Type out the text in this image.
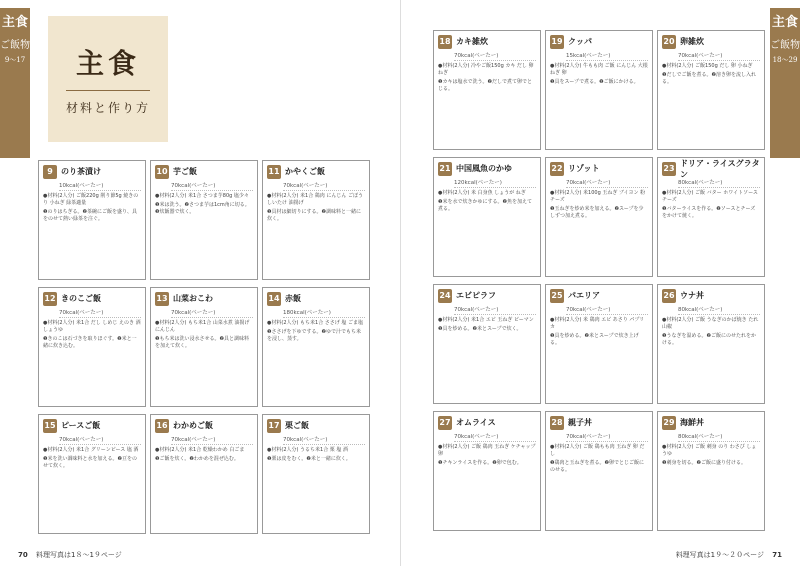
主食
ご飯物
9〜17	主食
材料と作り方
9	のり茶漬け
10kcal(ベーたー)
●材料(2人分) ご飯220g 削り節5g 焼きのり 小ねぎ 緑茶適量
❶のりはちぎる。❷茶碗にご飯を盛り、具をのせて熱い緑茶を注ぐ。
10 芋ご飯
70kcal(ベーたー)
●材料(2人分) 米1合 さつま芋80g 塩少々
❶米は洗う。❷さつま芋は1cm角に切る。❸炊飯器で炊く。
11 かやくご飯
70kcal(ベーたー)
●材料(2人分) 米1合 鶏肉 にんじん ごぼう しいたけ 油揚げ
❶具材は細切りにする。❷調味料と一緒に炊く。
12 きのこご飯
70kcal(ベーたー)
●材料(2人分) 米1合 だし しめじ えのき 酒 しょうゆ
❶きのこは石づきを取りほぐす。❷米と一緒に炊き込む。
13 山菜おこわ
70kcal(ベーたー)
●材料(2人分) もち米1合 山菜水煮 油揚げ にんじん
❶もち米は洗い浸水させる。❷具と調味料を加えて炊く。
14 赤飯
180kcal(ベーたー)
●材料(2人分) もち米1合 ささげ 塩 ごま塩
❶ささげを下ゆでする。❷ゆで汁でもち米を浸し、蒸す。
15 ピースご飯
70kcal(ベーたー)
●材料(2人分) 米1合 グリーンピース 塩 酒
❶米を洗い調味料と水を加える。❷豆をのせて炊く。
16 わかめご飯
70kcal(ベーたー)
●材料(2人分) 米1合 乾燥わかめ 白ごま
❶ご飯を炊く。❷わかめを混ぜ込む。
17 栗ご飯
70kcal(ベーたー)
●材料(2人分) うるち米1合 栗 塩 酒
❶栗は皮をむく。❷米と一緒に炊く。
70 料理写真は1８〜1９ページ
主食
ご飯物
18〜29
18 カキ雑炊
70kcal(ベーたー)
●材料(2人分) 冷やご飯150g カキ だし 卵 ねぎ
❶カキは塩水で洗う。❷だしで煮て卵でとじる。
19 クッパ
15kcal(ベーたー)
●材料(2人分) 牛もも肉 ご飯 にんじん 大根 ねぎ 卵
❶具をスープで煮る。❷ご飯にかける。
20 卵雑炊
70kcal(ベーたー)
●材料(2人分) ご飯150g だし 卵 小ねぎ
❶だしでご飯を煮る。❷溶き卵を流し入れる。
21 中国風魚のかゆ
120kcal(ベーたー)
●材料(2人分) 米 白身魚 しょうが ねぎ
❶米を水で炊きかゆにする。❷魚を加えて煮る。
22 リゾット
70kcal(ベーたー)
●材料(2人分) 米100g 玉ねぎ ブイヨン 粉チーズ
❶玉ねぎを炒め米を加える。❷スープを少しずつ加え煮る。
23
ドリア・ライスグラタン
80kcal(ベーたー)
●材料(2人分) ご飯 バター ホワイトソース チーズ
❶バターライスを作る。❷ソースとチーズをかけて焼く。
24 エビピラフ
70kcal(ベーたー)
●材料(2人分) 米1合 エビ 玉ねぎ ピーマン
❶具を炒める。❷米とスープで炊く。
25 パエリア
70kcal(ベーたー)
●材料(2人分) 米 鶏肉 エビ あさり パプリカ
❶具を炒める。❷米とスープで炊き上げる。
26 ウナ丼
80kcal(ベーたー)
●材料(2人分) ご飯 うなぎのかば焼き たれ 山椒
❶うなぎを温める。❷ご飯にのせたれをかける。
27 オムライス
70kcal(ベーたー)
●材料(2人分) ご飯 鶏肉 玉ねぎ ケチャップ 卵
❶チキンライスを作る。❷卵で包む。
28 親子丼
70kcal(ベーたー)
●材料(2人分) ご飯 鶏もも肉 玉ねぎ 卵 だし
❶鶏肉と玉ねぎを煮る。❷卵でとじご飯にのせる。
29 海鮮丼
80kcal(ベーたー)
●材料(2人分) ご飯 刺身 のり わさび しょうゆ
❶刺身を切る。❷ご飯に盛り付ける。
料理写真は1９〜２０ページ 71
